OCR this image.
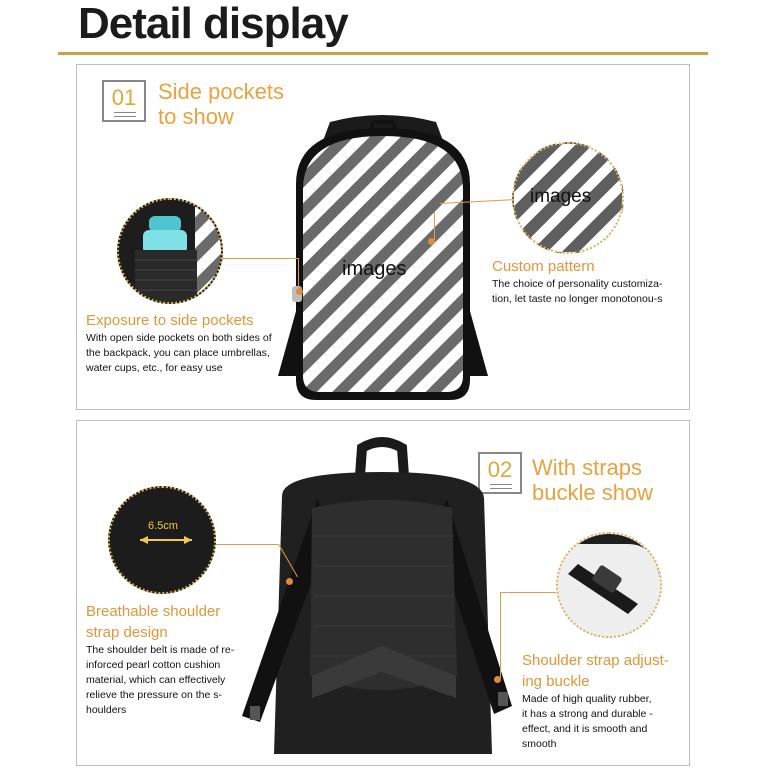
Detail display
01 Side pockets
to show
images
images
Custom pattern
The choice of personality customiza-
tion, let taste no longer monotonou-s
Exposure to side pockets
With open side pockets on both sides of
the backpack, you can place umbrellas,
water cups, etc., for easy use
02 With straps
buckle show
6.5cm
Breathable shoulder
strap design
The shoulder belt is made of re-
inforced pearl cotton cushion
material, which can effectively
relieve the pressure on the s-
houlders
Shoulder strap adjust-
ing buckle
Made of high quality rubber,
it has a strong and durable -
effect, and it is smooth and
smooth
